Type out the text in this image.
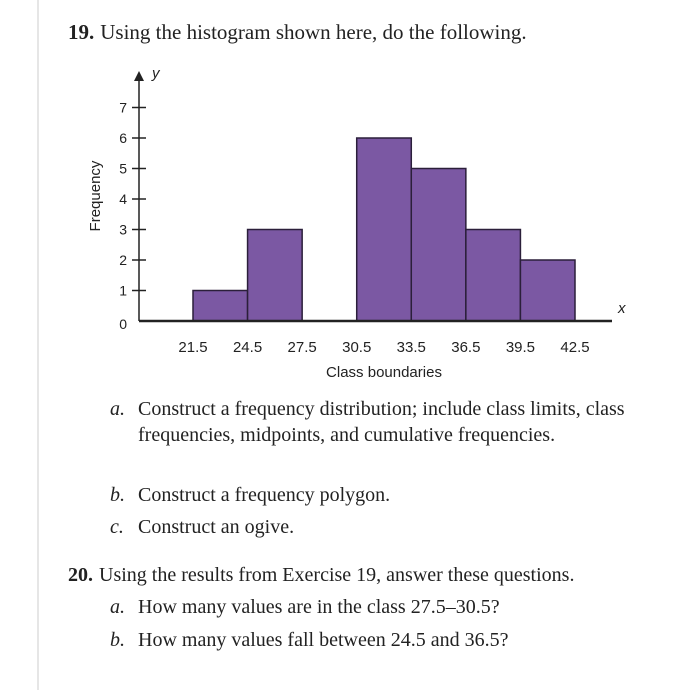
19. Using the histogram shown here, do the following.
1
2
3
4
5
6
7
0
y
x
21.5 24.5 27.5 30.5 33.5 36.5 39.5 42.5
Class boundaries
Frequency
a. Construct a frequency distribution; include class limits, class frequencies, midpoints, and cumulative frequencies.
b. Construct a frequency polygon.
c. Construct an ogive.
20. Using the results from Exercise 19, answer these questions.
a. How many values are in the class 27.5–30.5?
b. How many values fall between 24.5 and 36.5?
